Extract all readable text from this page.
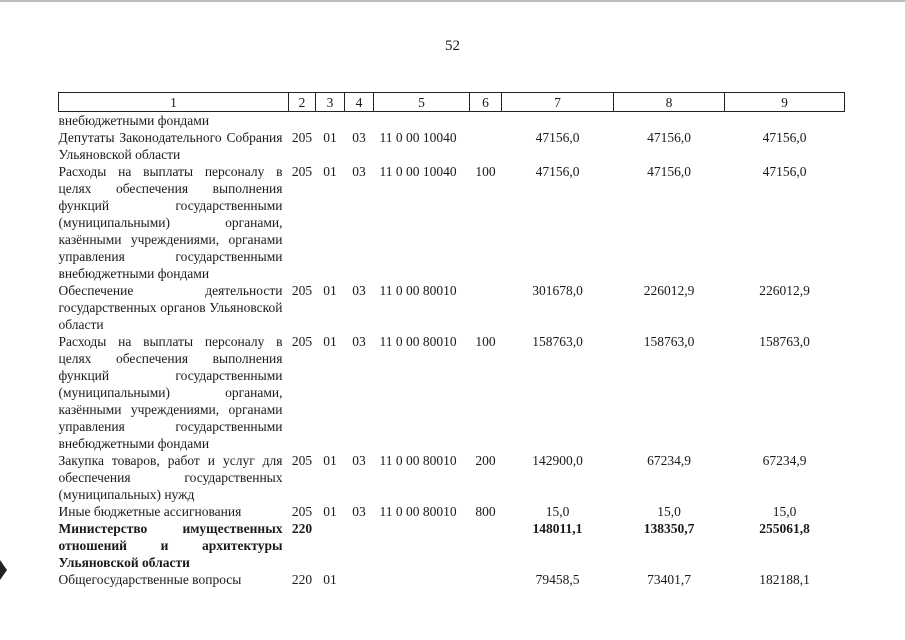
52
1	2	3	4	5	6	7	8	9
внебюджетными фондами								
Депутаты Законодательного Собрания Ульяновской области	205	01	03	11 0 00 10040		47156,0	47156,0	47156,0
Расходы на выплаты персоналу в целях обеспечения выполнения функций государственными (муниципальными) органами, казёнными учреждениями, органами управления государственными внебюджетными фондами	205	01	03	11 0 00 10040	100	47156,0	47156,0	47156,0
Обеспечение деятельности государственных органов Ульяновской области	205	01	03	11 0 00 80010		301678,0	226012,9	226012,9
Расходы на выплаты персоналу в целях обеспечения выполнения функций государственными (муниципальными) органами, казёнными учреждениями, органами управления государственными внебюджетными фондами	205	01	03	11 0 00 80010	100	158763,0	158763,0	158763,0
Закупка товаров, работ и услуг для обеспечения государственных (муниципальных) нужд	205	01	03	11 0 00 80010	200	142900,0	67234,9	67234,9
Иные бюджетные ассигнования	205	01	03	11 0 00 80010	800	15,0	15,0	15,0
Министерство имущественных отношений и архитектуры Ульяновской области	220					148011,1	138350,7	255061,8
Общегосударственные вопросы	220	01				79458,5	73401,7	182188,1
